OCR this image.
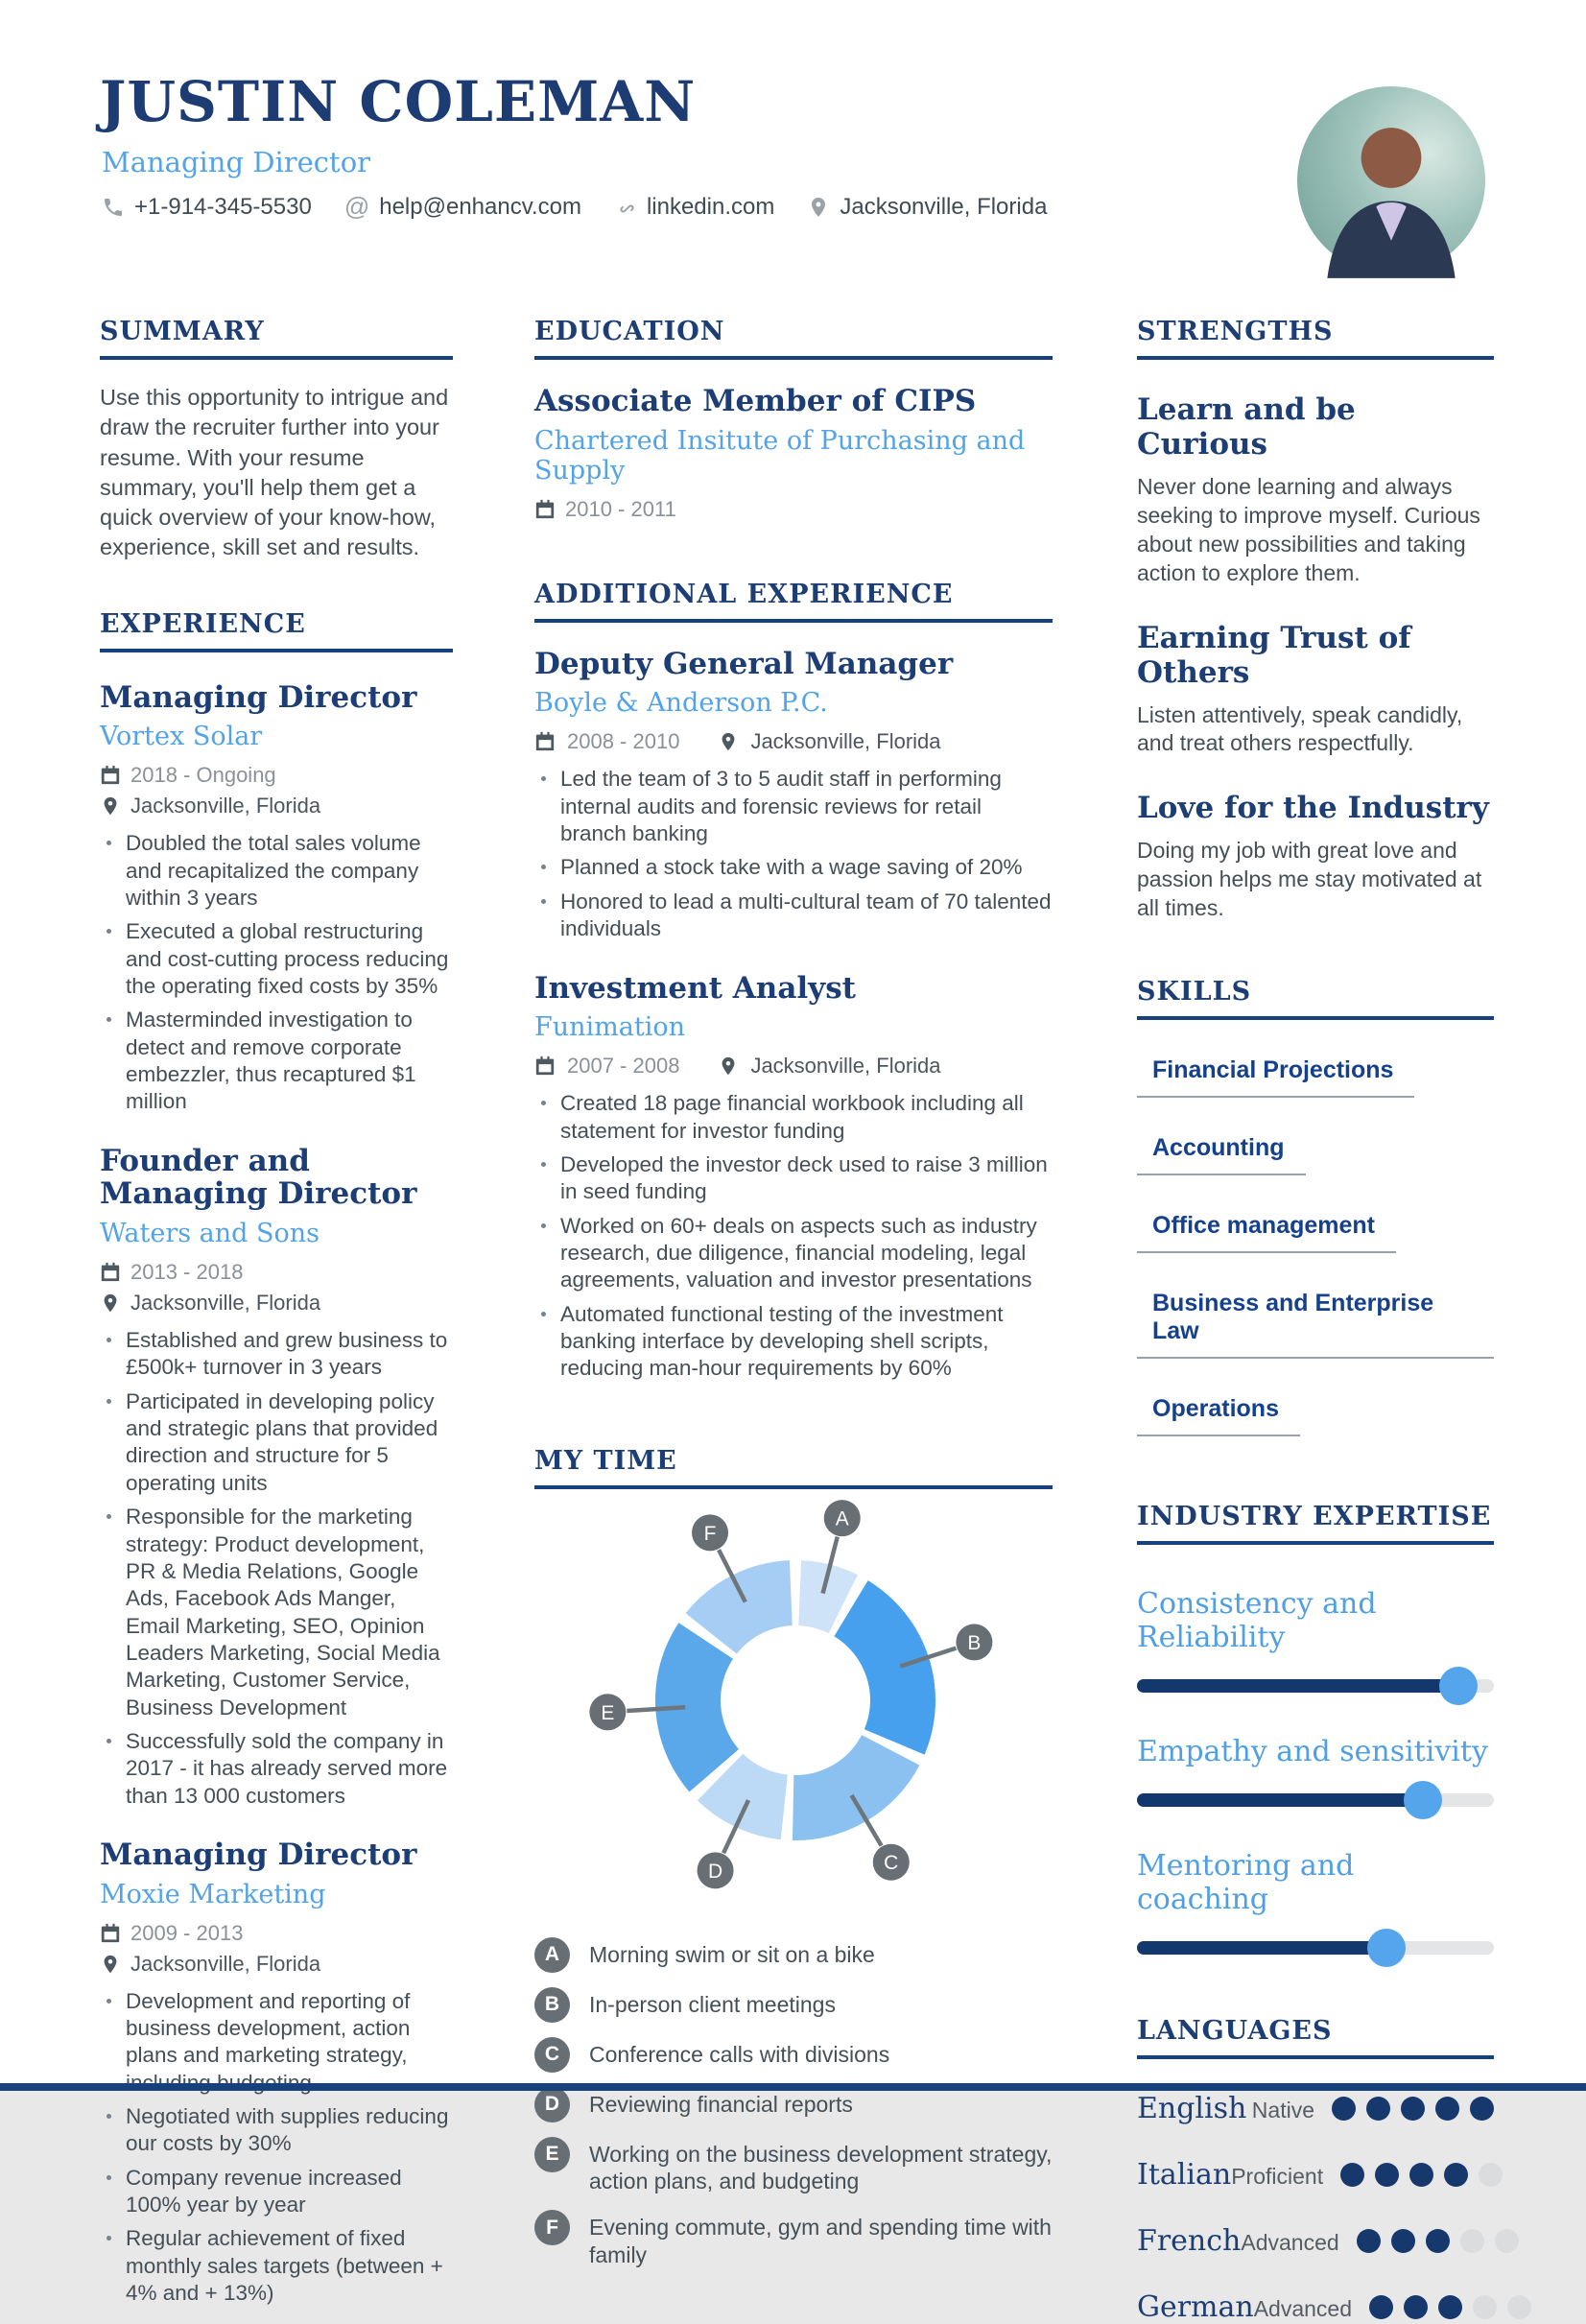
JUSTIN COLEMAN
Managing Director
+1-914-345-5530 @ help@enhancv.com	linkedin.com	Jacksonville, Florida
SUMMARY

Use this opportunity to intrigue and draw the recruiter further into your resume. With your resume summary, you'll help them get a quick overview of your know-how, experience, skill set and results.

EXPERIENCE
Managing Director
Vortex Solar
2018 - Ongoing
Jacksonville, Florida
Doubled the total sales volume and recapitalized the company within 3 years
Executed a global restructuring and cost-cutting process reducing the operating fixed costs by 35%
Masterminded investigation to detect and remove corporate embezzler, thus recaptured $1 million
Founder and Managing Director
Waters and Sons
2013 - 2018
Jacksonville, Florida
Established and grew business to £500k+ turnover in 3 years
Participated in developing policy and strategic plans that provided direction and structure for 5 operating units
Responsible for the marketing strategy: Product development, PR & Media Relations, Google Ads, Facebook Ads Manger, Email Marketing, SEO, Opinion Leaders Marketing, Social Media Marketing, Customer Service, Business Development
Successfully sold the company in 2017 - it has already served more than 13 000 customers
Managing Director
Moxie Marketing
2009 - 2013
Jacksonville, Florida
Development and reporting of business development, action plans and marketing strategy,
Negotiated with supplies reducing our costs by 30%
Company revenue increased 100% year by year
Regular achievement of fixed monthly sales targets (between + 4% and + 13%)
EDUCATION
Associate Member of CIPS
Chartered Insitute of Purchasing and Supply
2010 - 2011
ADDITIONAL EXPERIENCE
Deputy General Manager
Boyle & Anderson P.C.
2008 - 2010	Jacksonville, Florida
Led the team of 3 to 5 audit staff in performing internal audits and forensic reviews for retail branch banking
Planned a stock take with a wage saving of 20%
Honored to lead a multi-cultural team of 70 talented individuals
Investment Analyst
Funimation
2007 - 2008	Jacksonville, Florida
Created 18 page financial workbook including all statement for investor funding
Developed the investor deck used to raise 3 million in seed funding
Worked on 60+ deals on aspects such as industry research, due diligence, financial modeling, legal agreements, valuation and investor presentations
Automated functional testing of the investment banking interface by developing shell scripts, reducing man-hour requirements by 60%
MY TIME
A
B
C
D
E
F
A	Morning swim or sit on a bike
B	In-person client meetings
C	Conference calls with divisions
D	Reviewing financial reports
E	Working on the business development strategy, action plans, and budgeting
F	Evening commute, gym and spending time with family
STRENGTHS
Learn and be Curious
Never done learning and always seeking to improve myself. Curious about new possibilities and taking action to explore them.
Earning Trust of Others
Listen attentively, speak candidly, and treat others respectfully.
Love for the Industry
Doing my job with great love and passion helps me stay motivated at all times.
SKILLS
Financial Projections
Accounting
Office management
Business and Enterprise Law
Operations
INDUSTRY EXPERTISE
Consistency and Reliability
Empathy and sensitivity
Mentoring and coaching
LANGUAGES
English Native
Italian Proficient
French Advanced
German Advanced
